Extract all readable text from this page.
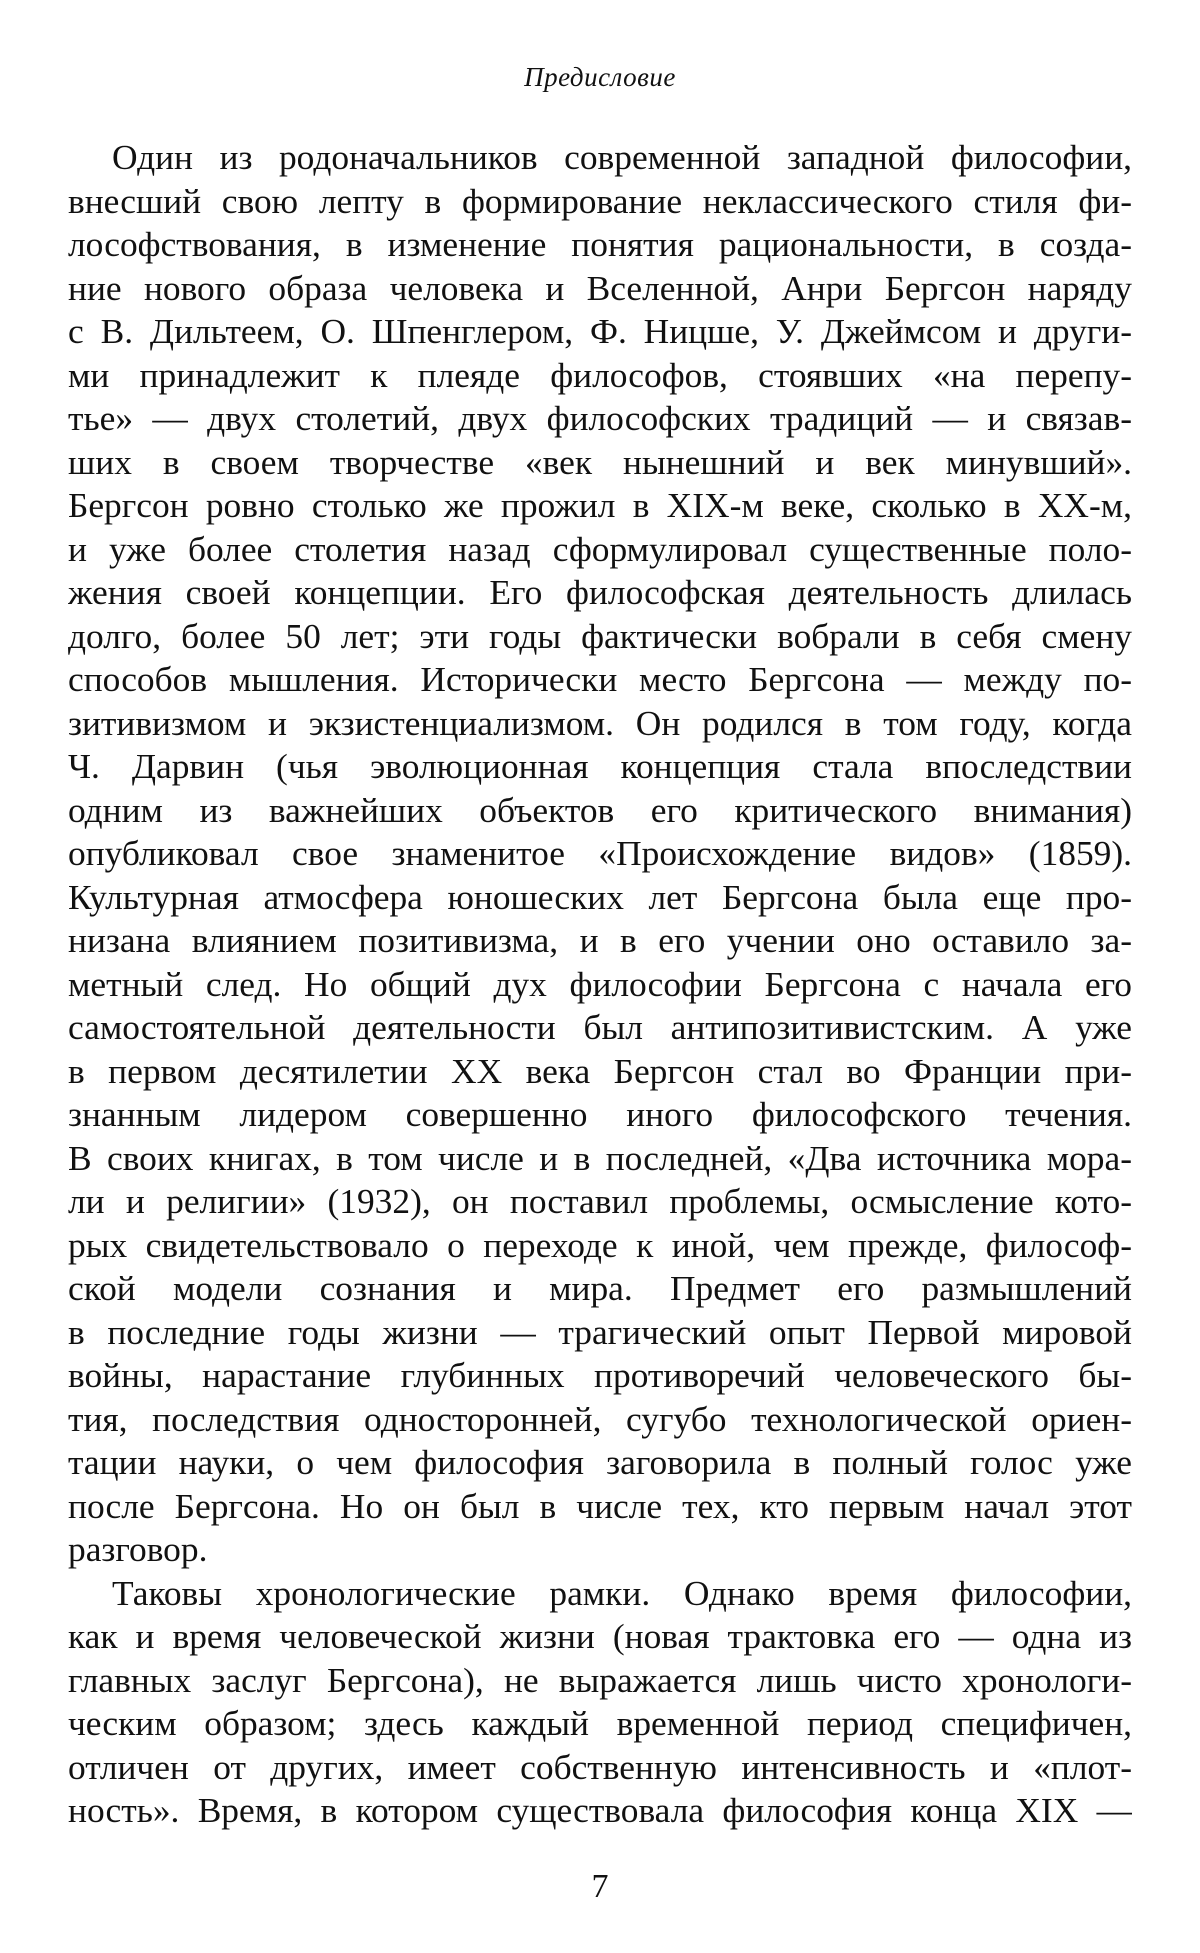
Предисловие
Один из родоначальников современной западной философии,
внесший свою лепту в формирование неклассического стиля фи-
лософствования, в изменение понятия рациональности, в созда-
ние нового образа человека и Вселенной, Анри Бергсон наряду
с В. Дильтеем, О. Шпенглером, Ф. Ницше, У. Джеймсом и други-
ми принадлежит к плеяде философов, стоявших «на перепу-
тье» — двух столетий, двух философских традиций — и связав-
ших в своем творчестве «век нынешний и век минувший».
Бергсон ровно столько же прожил в XIX-м веке, сколько в XX-м,
и уже более столетия назад сформулировал существенные поло-
жения своей концепции. Его философская деятельность длилась
долго, более 50 лет; эти годы фактически вобрали в себя смену
способов мышления. Исторически место Бергсона — между по-
зитивизмом и экзистенциализмом. Он родился в том году, когда
Ч. Дарвин (чья эволюционная концепция стала впоследствии
одним из важнейших объектов его критического внимания)
опубликовал свое знаменитое «Происхождение видов» (1859).
Культурная атмосфера юношеских лет Бергсона была еще про-
низана влиянием позитивизма, и в его учении оно оставило за-
метный след. Но общий дух философии Бергсона с начала его
самостоятельной деятельности был антипозитивистским. А уже
в первом десятилетии XX века Бергсон стал во Франции при-
знанным лидером совершенно иного философского течения.
В своих книгах, в том числе и в последней, «Два источника мора-
ли и религии» (1932), он поставил проблемы, осмысление кото-
рых свидетельствовало о переходе к иной, чем прежде, философ-
ской модели сознания и мира. Предмет его размышлений
в последние годы жизни — трагический опыт Первой мировой
войны, нарастание глубинных противоречий человеческого бы-
тия, последствия односторонней, сугубо технологической ориен-
тации науки, о чем философия заговорила в полный голос уже
после Бергсона. Но он был в числе тех, кто первым начал этот
разговор.
Таковы хронологические рамки. Однако время философии,
как и время человеческой жизни (новая трактовка его — одна из
главных заслуг Бергсона), не выражается лишь чисто хронологи-
ческим образом; здесь каждый временной период специфичен,
отличен от других, имеет собственную интенсивность и «плот-
ность». Время, в котором существовала философия конца XIX —
7
